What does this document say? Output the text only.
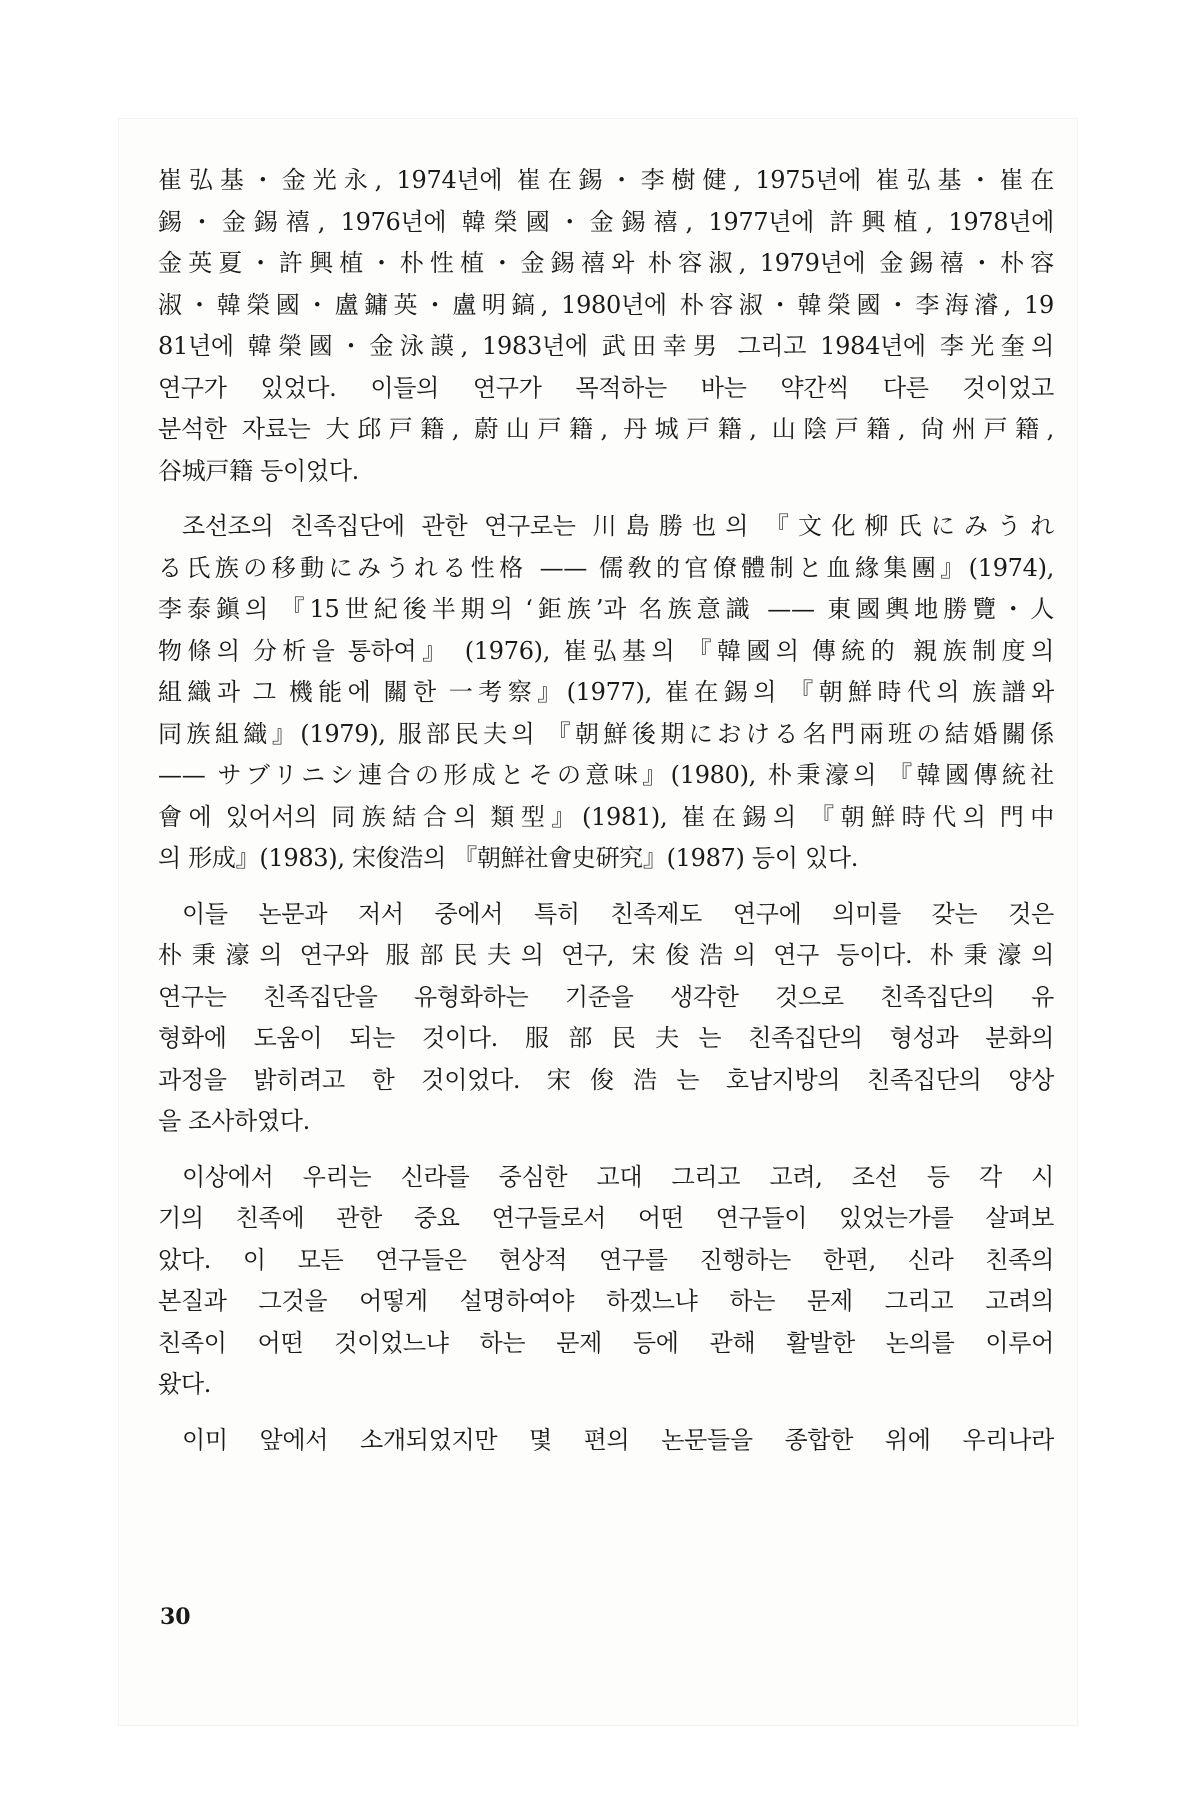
崔弘基・金光永, 1974년에 崔在錫・李樹健, 1975년에 崔弘基・崔在
錫・金錫禧, 1976년에 韓榮國・金錫禧, 1977년에 許興植, 1978년에
金英夏・許興植・朴性植・金錫禧와 朴容淑, 1979년에 金錫禧・朴容
淑・韓榮國・盧鏞英・盧明鎬, 1980년에 朴容淑・韓榮國・李海濬, 19
81년에 韓榮國・金泳謨, 1983년에 武田幸男 그리고 1984년에 李光奎의
연구가 있었다. 이들의 연구가 목적하는 바는 약간씩 다른 것이었고
분석한 자료는 大邱戸籍, 蔚山戸籍, 丹城戸籍, 山陰戸籍, 尙州戸籍,
谷城戸籍 등이었다.
조선조의 친족집단에 관한 연구로는 川島勝也의 『文化柳氏にみうれ
る氏族の移動にみうれる性格 —— 儒敎的官僚體制と血緣集團』(1974),
李泰鎭의 『15世紀後半期의 ‘鉅族’과 名族意識 —— 東國輿地勝覽・人
物條의 分析을 통하여』 (1976), 崔弘基의 『韓國의 傳統的 親族制度의
組織과 그 機能에 關한 一考察』(1977), 崔在錫의 『朝鮮時代의 族譜와
同族組織』(1979), 服部民夫의 『朝鮮後期における名門兩班の結婚關係
—— サブリニシ連合の形成とその意味』(1980), 朴秉濠의 『韓國傳統社
會에 있어서의 同族結合의 類型』(1981), 崔在錫의 『朝鮮時代의 門中
의 形成』(1983), 宋俊浩의 『朝鮮社會史硏究』(1987) 등이 있다.
이들 논문과 저서 중에서 특히 친족제도 연구에 의미를 갖는 것은
朴秉濠의 연구와 服部民夫의 연구, 宋俊浩의 연구 등이다. 朴秉濠의
연구는 친족집단을 유형화하는 기준을 생각한 것으로 친족집단의 유
형화에 도움이 되는 것이다. 服部民夫는 친족집단의 형성과 분화의
과정을 밝히려고 한 것이었다. 宋俊浩는 호남지방의 친족집단의 양상
을 조사하였다.
이상에서 우리는 신라를 중심한 고대 그리고 고려, 조선 등 각 시
기의 친족에 관한 중요 연구들로서 어떤 연구들이 있었는가를 살펴보
았다. 이 모든 연구들은 현상적 연구를 진행하는 한편, 신라 친족의
본질과 그것을 어떻게 설명하여야 하겠느냐 하는 문제 그리고 고려의
친족이 어떤 것이었느냐 하는 문제 등에 관해 활발한 논의를 이루어
왔다.
이미 앞에서 소개되었지만 몇 편의 논문들을 종합한 위에 우리나라
30
